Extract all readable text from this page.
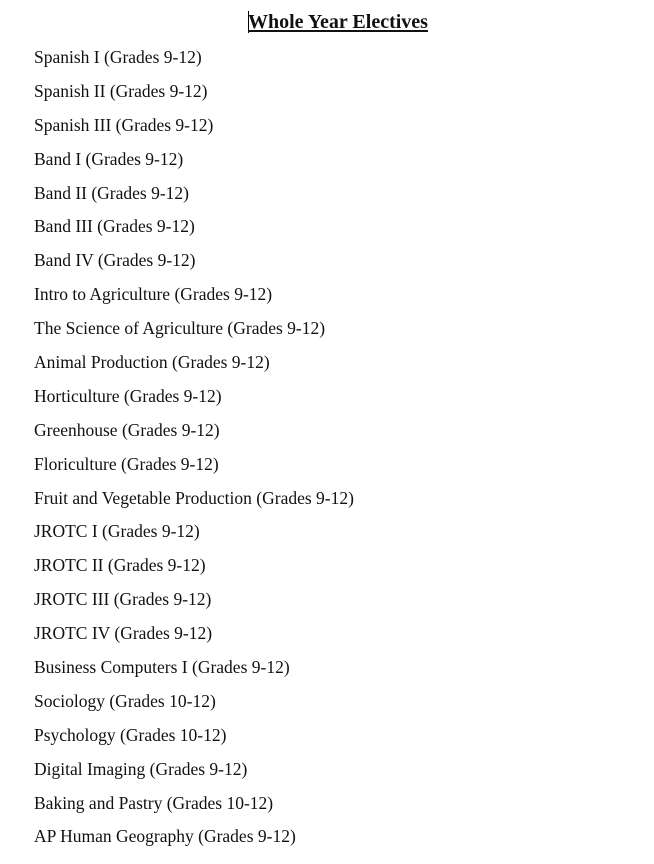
Whole Year Electives
Spanish I (Grades 9-12)
Spanish II (Grades 9-12)
Spanish III (Grades 9-12)
Band I (Grades 9-12)
Band II (Grades 9-12)
Band III (Grades 9-12)
Band IV (Grades 9-12)
Intro to Agriculture (Grades 9-12)
The Science of Agriculture (Grades 9-12)
Animal Production (Grades 9-12)
Horticulture (Grades 9-12)
Greenhouse (Grades 9-12)
Floriculture (Grades 9-12)
Fruit and Vegetable Production (Grades 9-12)
JROTC I (Grades 9-12)
JROTC II (Grades 9-12)
JROTC III (Grades 9-12)
JROTC IV (Grades 9-12)
Business Computers I (Grades 9-12)
Sociology (Grades 10-12)
Psychology (Grades 10-12)
Digital Imaging (Grades 9-12)
Baking and Pastry (Grades 10-12)
AP Human Geography (Grades 9-12)
